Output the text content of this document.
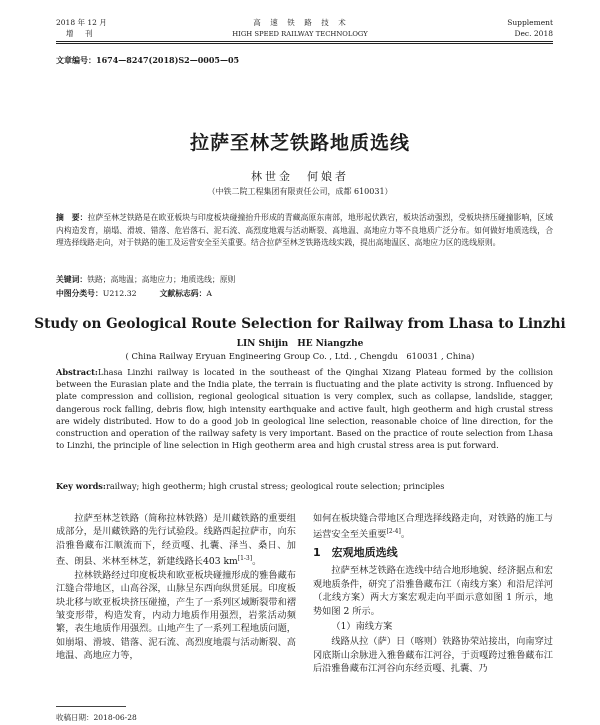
2018 年 12 月
增　刊
高　速　铁　路　技　术
HIGH SPEED RAILWAY TECHNOLOGY
Supplement
Dec. 2018
文章编号：1674—8247(2018)S2—0005—05
拉萨至林芝铁路地质选线
林世金　何娘者
（中铁二院工程集团有限责任公司，成都 610031）
摘　要：拉萨至林芝铁路是在欧亚板块与印度板块碰撞抬升形成的青藏高原东南部，地形起伏跌宕，板块活动强烈，受板块挤压碰撞影响，区域内构造发育，崩塌、滑坡、错落、危岩落石、泥石流、高烈度地震与活动断裂、高地温、高地应力等不良地质广泛分布。如何做好地质选线，合理选择线路走向，对于铁路的施工及运营安全至关重要。结合拉萨至林芝铁路选线实践，提出高地温区、高地应力区的选线原则。
关键词：铁路；高地温；高地应力；地质选线；原则
中图分类号：U212.32	文献标志码：A
Study on Geological Route Selection for Railway from Lhasa to Linzhi
LIN Shijin　HE Niangzhe
( China Railway Eryuan Engineering Group Co. , Ltd. , Chengdu　610031 , China)
Abstract:Lhasa Linzhi railway is located in the southeast of the Qinghai Xizang Plateau formed by the collision between the Eurasian plate and the India plate, the terrain is fluctuating and the plate activity is strong. Influenced by plate compression and collision, regional geological situation is very complex, such as collapse, landslide, stagger, dangerous rock falling, debris flow, high intensity earthquake and active fault, high geotherm and high crustal stress are widely distributed. How to do a good job in geological line selection, reasonable choice of line direction, for the construction and operation of the railway safety is very important. Based on the practice of route selection from Lhasa to Linzhi, the principle of line selection in High geotherm area and high crustal stress area is put forward.
Key words:railway; high geotherm; high crustal stress; geological route selection; principles

拉萨至林芝铁路（简称拉林铁路）是川藏铁路的重要组成部分，是川藏铁路的先行试验段。线路西起拉萨市，向东沿雅鲁藏布江顺流而下，经贡嘎、扎囊、泽当、桑日、加查、朗县、米林至林芝，新建线路长403 km[1-3]。

拉林铁路经过印度板块和欧亚板块碰撞形成的雅鲁藏布江缝合带地区，山高谷深，山脉呈东西向纵贯延展。印度板块北移与欧亚板块挤压碰撞，产生了一系列区域断裂带和褶皱变形带，构造发育，内动力地质作用强烈，岩浆活动频繁，表生地质作用强烈。山地产生了一系列工程地质问题，如崩塌、滑坡、错落、泥石流、高烈度地震与活动断裂、高地温、高地应力等，

如何在板块缝合带地区合理选择线路走向，对铁路的施工与运营安全至关重要[2-4]。
1　宏观地质选线

拉萨至林芝铁路在选线中结合地形地貌、经济据点和宏观地质条件，研究了沿雅鲁藏布江（南线方案）和沿尼洋河（北线方案）两大方案宏观走向平面示意如图 1 所示，地势如图 2 所示。

（1）南线方案

线路从拉（萨）日（喀则）铁路协荣站接出，向南穿过冈底斯山余脉进入雅鲁藏布江河谷，于贡嘎跨过雅鲁藏布江后沿雅鲁藏布江河谷向东经贡嘎、扎囊、乃

收稿日期：2018-06-28
